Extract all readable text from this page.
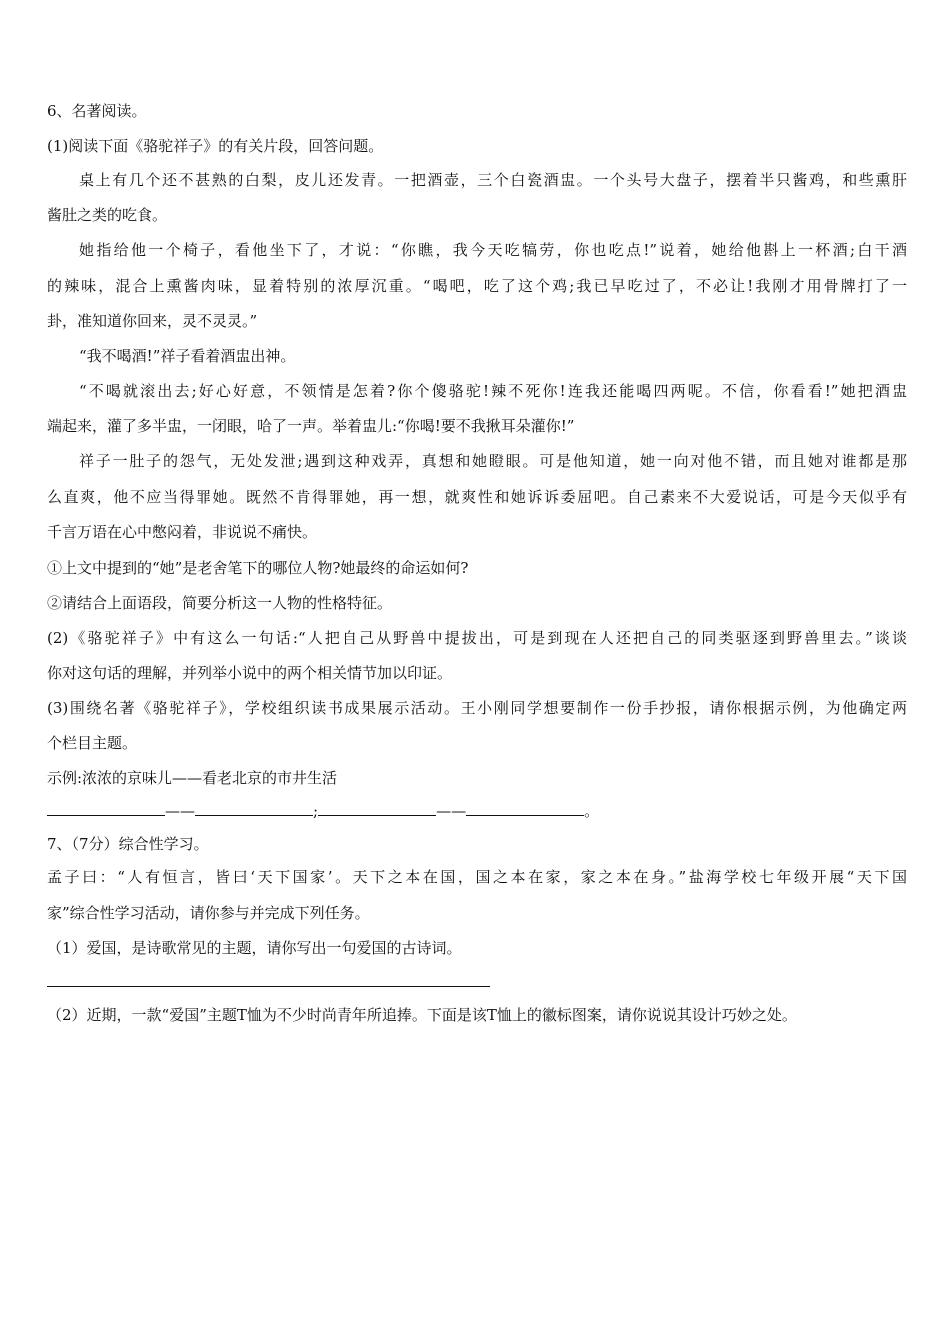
6、名著阅读。
(1)阅读下面《骆驼祥子》的有关片段，回答问题。
桌上有几个还不甚熟的白梨，皮儿还发青。一把酒壶，三个白瓷酒盅。一个头号大盘子，摆着半只酱鸡，和些熏肝
酱肚之类的吃食。
她指给他一个椅子，看他坐下了，才说：“你瞧，我今天吃犒劳，你也吃点!”说着，她给他斟上一杯酒;白干酒
的辣味，混合上熏酱肉味，显着特别的浓厚沉重。“喝吧，吃了这个鸡;我已早吃过了，不必让!我刚才用骨牌打了一
卦，准知道你回来，灵不灵灵。”
“我不喝酒!”祥子看着酒盅出神。
“不喝就滚出去;好心好意，不领情是怎着?你个傻骆驼!辣不死你!连我还能喝四两呢。不信，你看看!”她把酒盅
端起来，灌了多半盅，一闭眼，哈了一声。举着盅儿:“你喝!要不我揪耳朵灌你!”
祥子一肚子的怨气，无处发泄;遇到这种戏弄，真想和她瞪眼。可是他知道，她一向对他不错，而且她对谁都是那
么直爽，他不应当得罪她。既然不肯得罪她，再一想，就爽性和她诉诉委屈吧。自己素来不大爱说话，可是今天似乎有
千言万语在心中憋闷着，非说说不痛快。
①上文中提到的“她”是老舍笔下的哪位人物?她最终的命运如何?
②请结合上面语段，简要分析这一人物的性格特征。
(2)《骆驼祥子》中有这么一句话:“人把自己从野兽中提拔出，可是到现在人还把自己的同类驱逐到野兽里去。”谈谈
你对这句话的理解，并列举小说中的两个相关情节加以印证。
(3)围绕名著《骆驼祥子》，学校组织读书成果展示活动。王小刚同学想要制作一份手抄报，请你根据示例，为他确定两
个栏目主题。
示例:浓浓的京味儿——看老北京的市井生活
——	;	——	。
7、（7分）综合性学习。
孟子曰：“人有恒言，皆曰‘天下国家’。天下之本在国，国之本在家，家之本在身。”盐海学校七年级开展“天下国
家”综合性学习活动，请你参与并完成下列任务。
（1）爱国，是诗歌常见的主题，请你写出一句爱国的古诗词。
（2）近期，一款“爱国”主题T恤为不少时尚青年所追捧。下面是该T恤上的徽标图案，请你说说其设计巧妙之处。
